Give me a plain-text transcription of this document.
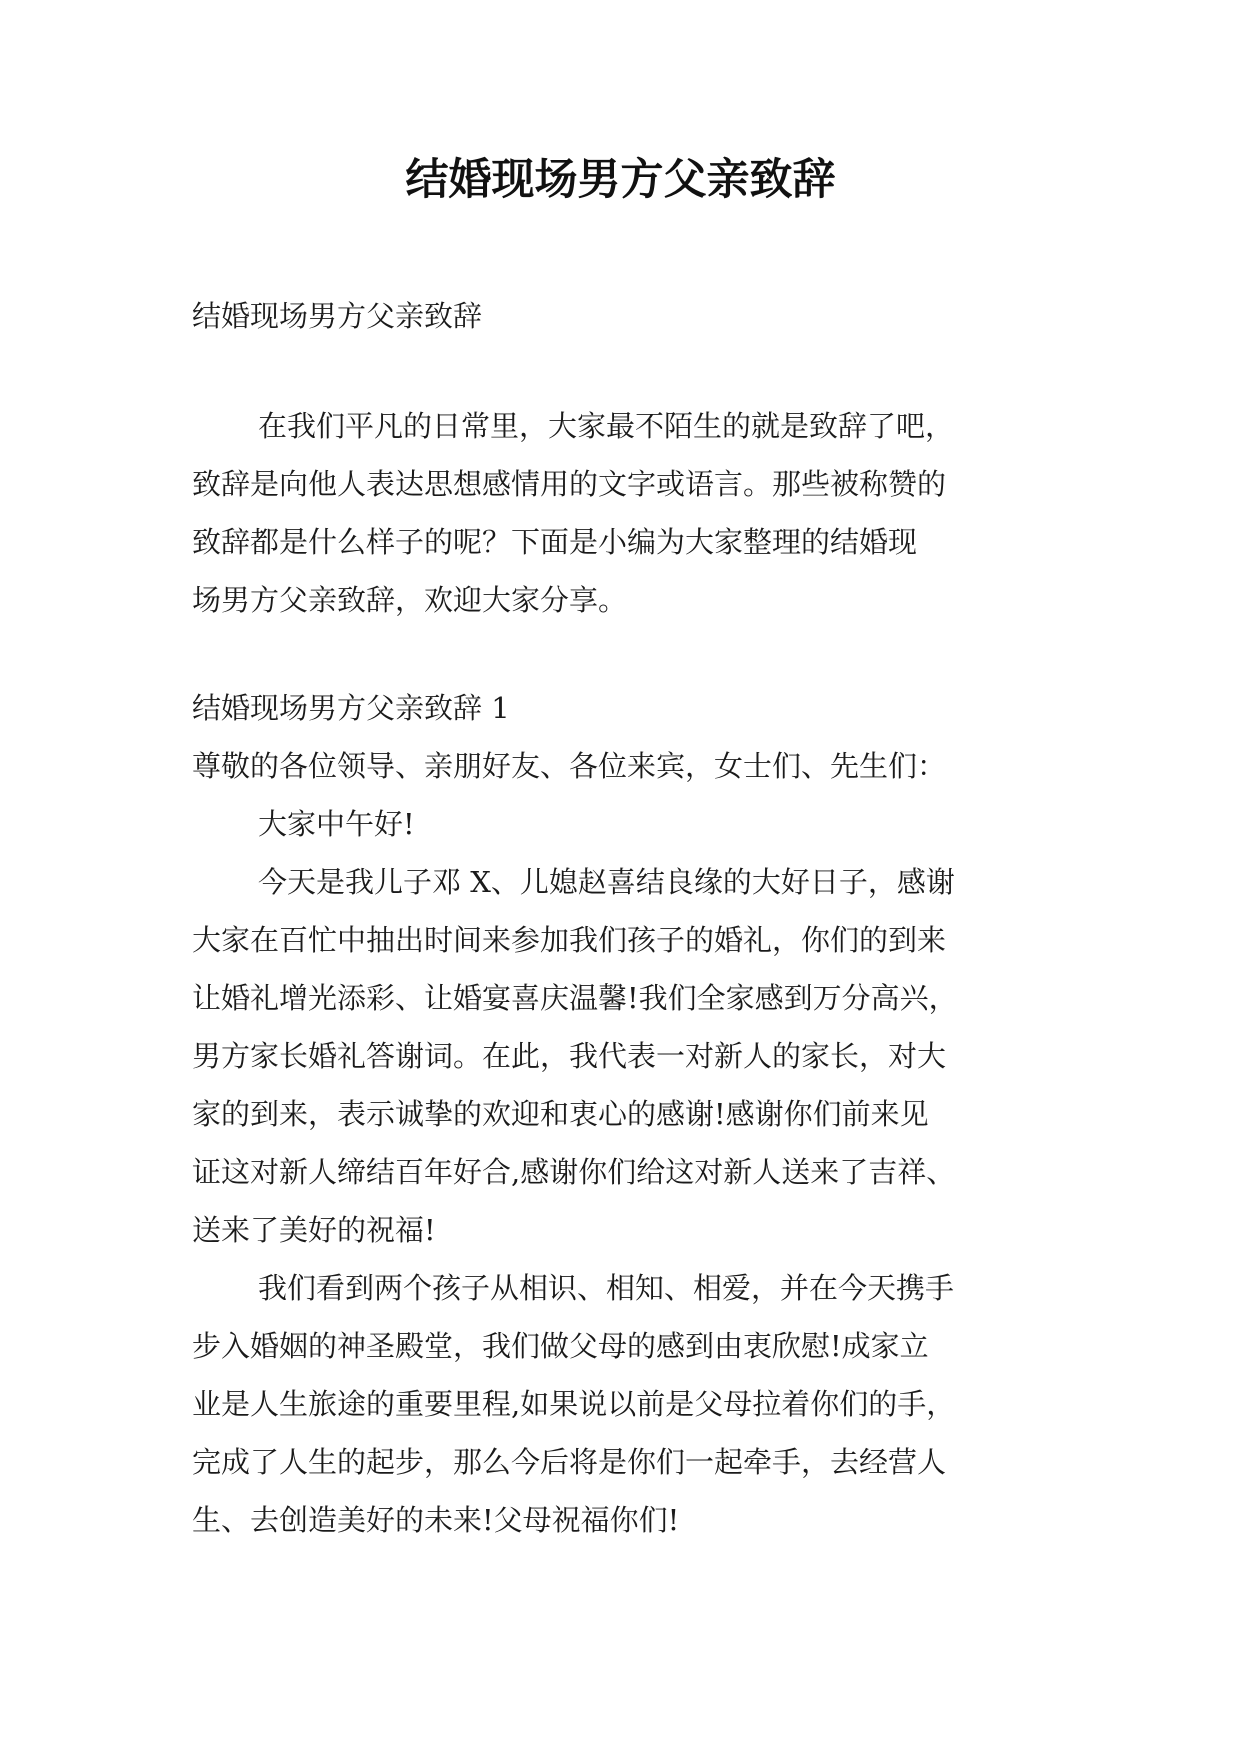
结婚现场男方父亲致辞

结婚现场男方父亲致辞

在我们平凡的日常里，大家最不陌生的就是致辞了吧，

致辞是向他人表达思想感情用的文字或语言。那些被称赞的

致辞都是什么样子的呢？下面是小编为大家整理的结婚现

场男方父亲致辞，欢迎大家分享。

结婚现场男方父亲致辞 1

尊敬的各位领导、亲朋好友、各位来宾，女士们、先生们：

大家中午好!

今天是我儿子邓 X、儿媳赵喜结良缘的大好日子，感谢

大家在百忙中抽出时间来参加我们孩子的婚礼，你们的到来

让婚礼增光添彩、让婚宴喜庆温馨!我们全家感到万分高兴，

男方家长婚礼答谢词。在此，我代表一对新人的家长，对大

家的到来，表示诚挚的欢迎和衷心的感谢!感谢你们前来见

证这对新人缔结百年好合,感谢你们给这对新人送来了吉祥、

送来了美好的祝福!

我们看到两个孩子从相识、相知、相爱，并在今天携手

步入婚姻的神圣殿堂，我们做父母的感到由衷欣慰!成家立

业是人生旅途的重要里程,如果说以前是父母拉着你们的手，

完成了人生的起步，那么今后将是你们一起牵手，去经营人

生、去创造美好的未来!父母祝福你们!
